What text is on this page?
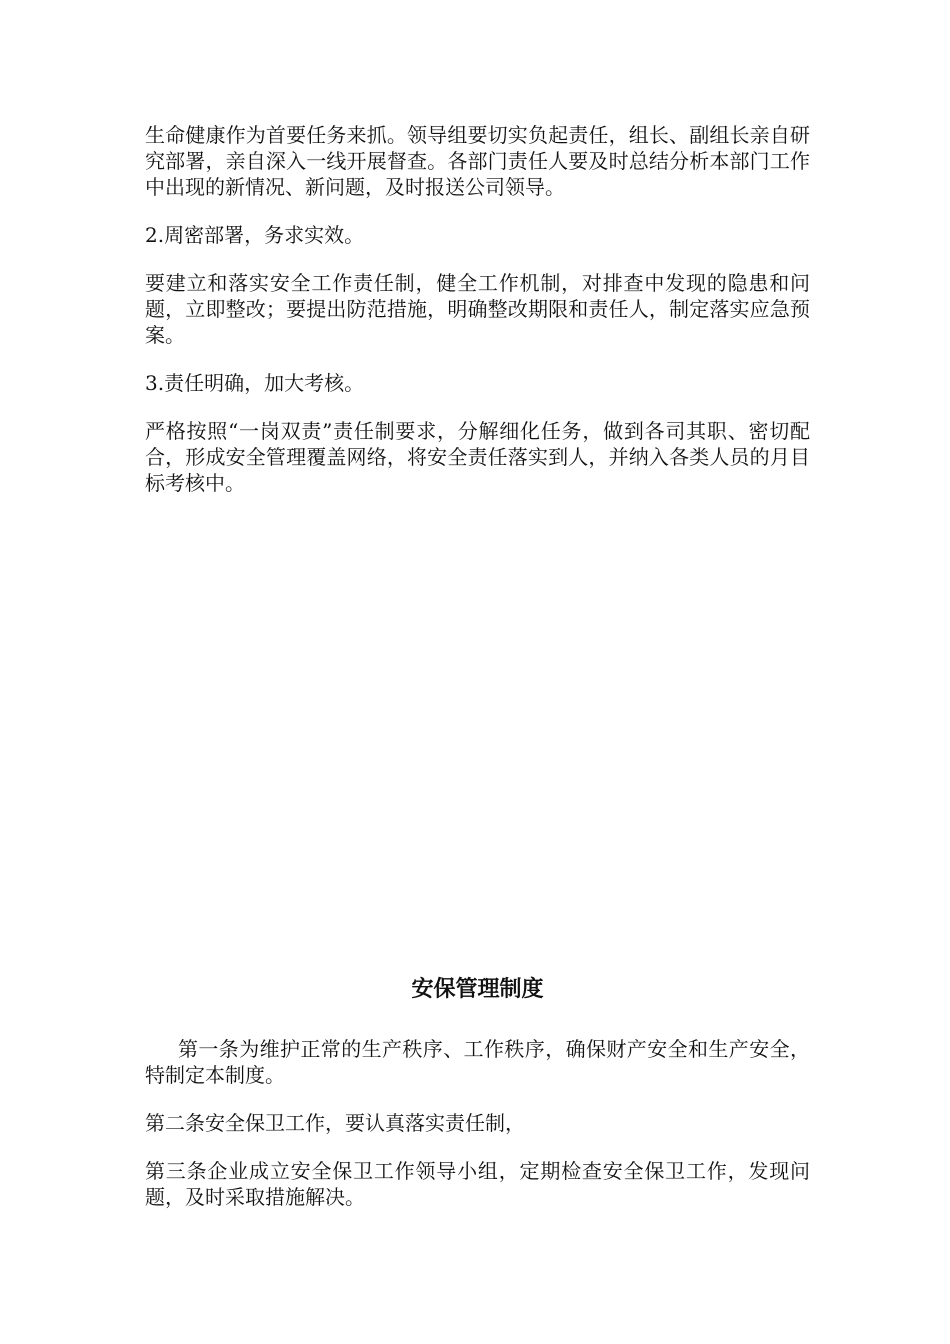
生命健康作为首要任务来抓。领导组要切实负起责任，组长、副组长亲自研究部署，亲自深入一线开展督查。各部门责任人要及时总结分析本部门工作中出现的新情况、新问题，及时报送公司领导。

2.周密部署，务求实效。

要建立和落实安全工作责任制，健全工作机制，对排查中发现的隐患和问题，立即整改；要提出防范措施，明确整改期限和责任人，制定落实应急预案。

3.责任明确，加大考核。

严格按照“一岗双责”责任制要求，分解细化任务，做到各司其职、密切配合，形成安全管理覆盖网络，将安全责任落实到人，并纳入各类人员的月目标考核中。

安保管理制度

第一条为维护正常的生产秩序、工作秩序，确保财产安全和生产安全，特制定本制度。

第二条安全保卫工作，要认真落实责任制，

第三条企业成立安全保卫工作领导小组，定期检查安全保卫工作，发现问题，及时采取措施解决。
